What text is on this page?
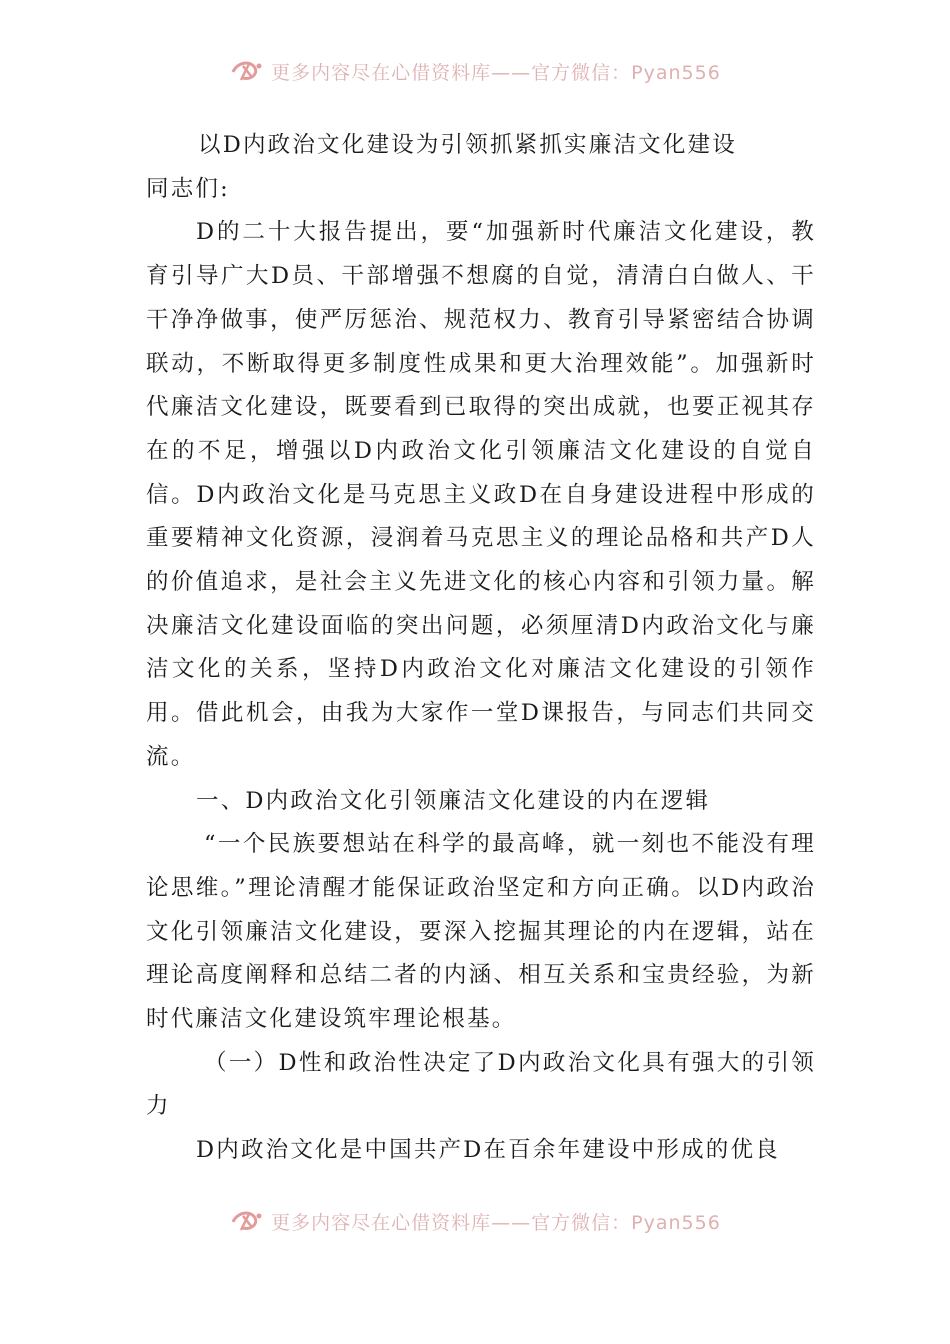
更多内容尽在心借资料库——官方微信：Pyan556

以D内政治文化建设为引领抓紧抓实廉洁文化建设

同志们:

D的二十大报告提出，要“加强新时代廉洁文化建设，教育引导广大D员、干部增强不想腐的自觉，清清白白做人、干干净净做事，使严厉惩治、规范权力、教育引导紧密结合协调联动，不断取得更多制度性成果和更大治理效能”。加强新时代廉洁文化建设，既要看到已取得的突出成就，也要正视其存在的不足，增强以D内政治文化引领廉洁文化建设的自觉自信。D内政治文化是马克思主义政D在自身建设进程中形成的重要精神文化资源，浸润着马克思主义的理论品格和共产D人的价值追求，是社会主义先进文化的核心内容和引领力量。解决廉洁文化建设面临的突出问题，必须厘清D内政治文化与廉洁文化的关系，坚持D内政治文化对廉洁文化建设的引领作用。借此机会，由我为大家作一堂D课报告，与同志们共同交流。

一、D内政治文化引领廉洁文化建设的内在逻辑

“一个民族要想站在科学的最高峰，就一刻也不能没有理论思维。”理论清醒才能保证政治坚定和方向正确。以D内政治文化引领廉洁文化建设，要深入挖掘其理论的内在逻辑，站在理论高度阐释和总结二者的内涵、相互关系和宝贵经验，为新时代廉洁文化建设筑牢理论根基。

（一）D性和政治性决定了D内政治文化具有强大的引领力

D内政治文化是中国共产D在百余年建设中形成的优良

更多内容尽在心借资料库——官方微信：Pyan556
